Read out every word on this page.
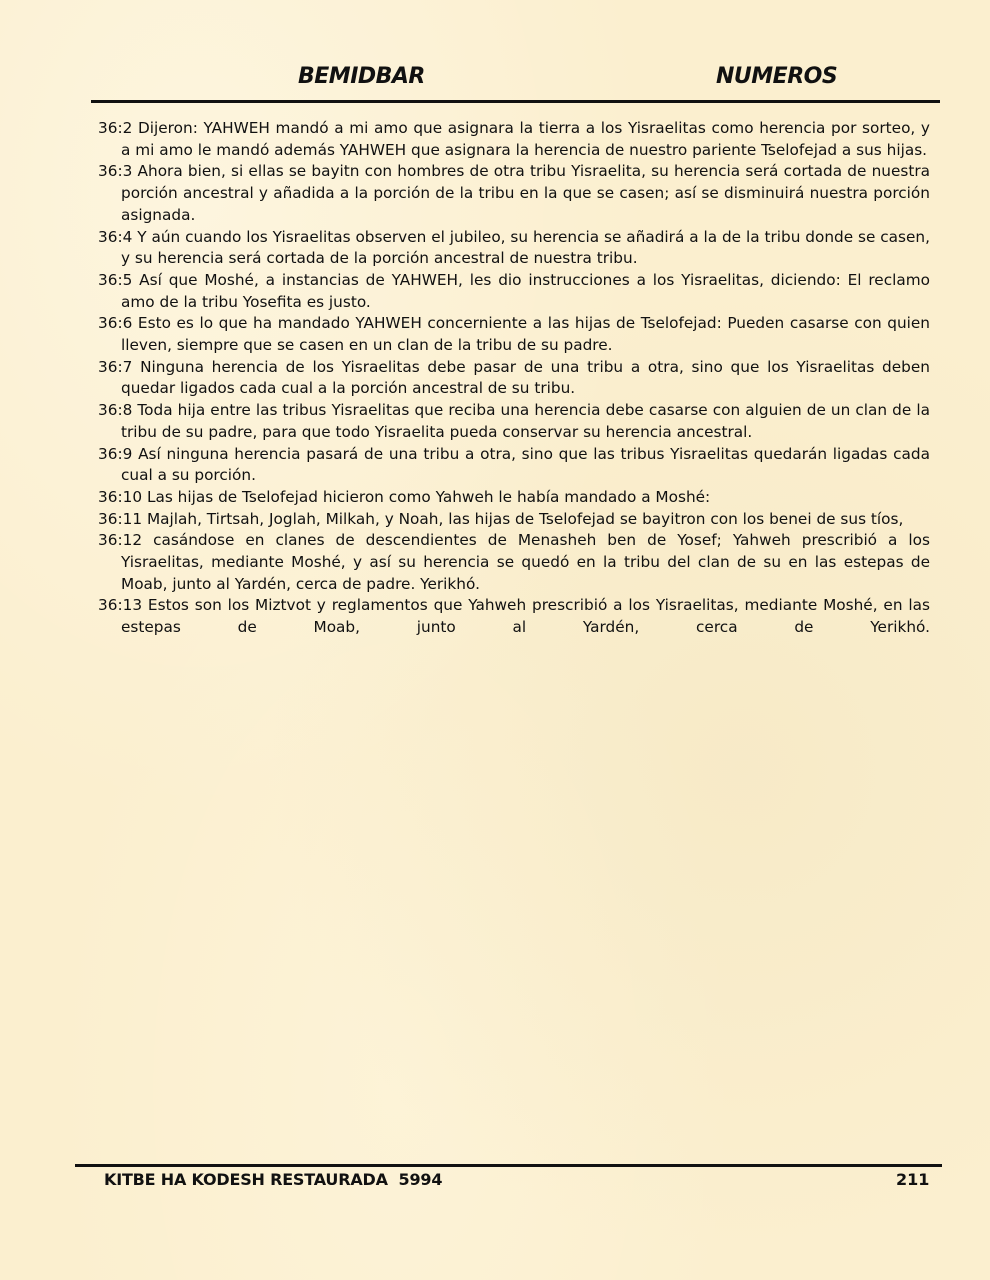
BEMIDBAR	NUMEROS

36:2 Dijeron: YAHWEH mandó a mi amo que asignara la tierra a los Yisraelitas como herencia por sorteo, y a mi amo le mandó además YAHWEH que asignara la herencia de nuestro pariente Tselofejad a sus hijas.

36:3 Ahora bien, si ellas se bayitn con hombres de otra tribu Yisraelita, su herencia será cortada de nuestra porción ancestral y añadida a la porción de la tribu en la que se casen; así se disminuirá nuestra porción asignada.

36:4 Y aún cuando los Yisraelitas observen el jubileo, su herencia se añadirá a la de la tribu donde se casen, y su herencia será cortada de la porción ancestral de nuestra tribu.

36:5 Así que Moshé, a instancias de YAHWEH, les dio instrucciones a los Yisraelitas, diciendo: El reclamo amo de la tribu Yosefita es justo.

36:6 Esto es lo que ha mandado YAHWEH concerniente a las hijas de Tselofejad: Pueden casarse con quien lleven, siempre que se casen en un clan de la tribu de su padre.

36:7 Ninguna herencia de los Yisraelitas debe pasar de una tribu a otra, sino que los Yisraelitas deben quedar ligados cada cual a la porción ancestral de su tribu.

36:8 Toda hija entre las tribus Yisraelitas que reciba una herencia debe casarse con alguien de un clan de la tribu de su padre, para que todo Yisraelita pueda conservar su herencia ancestral.

36:9 Así ninguna herencia pasará de una tribu a otra, sino que las tribus Yisraelitas quedarán ligadas cada cual a su porción.

36:10 Las hijas de Tselofejad hicieron como Yahweh le había mandado a Moshé:

36:11 Majlah, Tirtsah, Joglah, Milkah, y Noah, las hijas de Tselofejad se bayitron con los benei de sus tíos,

36:12 casándose en clanes de descendientes de Menasheh ben de Yosef; Yahweh prescribió a los Yisraelitas, mediante Moshé, y así su herencia se quedó en la tribu del clan de su en las estepas de Moab, junto al Yardén, cerca de padre. Yerikhó.

36:13 Estos son los Miztvot y reglamentos que Yahweh prescribió a los Yisraelitas, mediante Moshé, en las estepas de Moab, junto al Yardén, cerca de Yerikhó.

KITBE HA KODESH RESTAURADA  5994	211
